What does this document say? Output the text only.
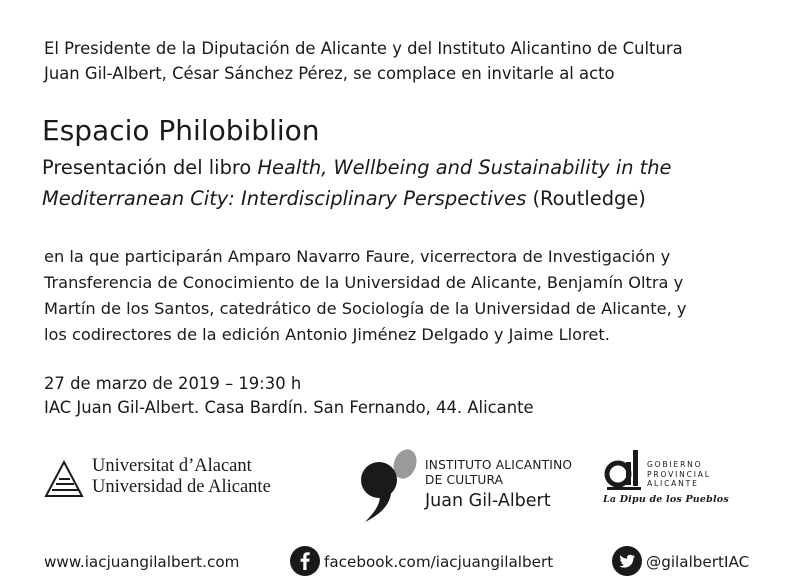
El Presidente de la Diputación de Alicante y del Instituto Alicantino de Cultura
Juan Gil-Albert, César Sánchez Pérez, se complace en invitarle al acto
Espacio Philobiblion
Presentación del libro Health, Wellbeing and Sustainability in the
Mediterranean City: Interdisciplinary Perspectives (Routledge)
en la que participarán Amparo Navarro Faure, vicerrectora de Investigación y
Transferencia de Conocimiento de la Universidad de Alicante, Benjamín Oltra y
Martín de los Santos, catedrático de Sociología de la Universidad de Alicante, y
los codirectores de la edición Antonio Jiménez Delgado y Jaime Lloret.
27 de marzo de 2019 – 19:30 h
IAC Juan Gil-Albert. Casa Bardín. San Fernando, 44. Alicante
Universitat d’Alacant
Universidad de Alicante
INSTITUTO ALICANTINO
DE CULTURA
Juan Gil-Albert
GOBIERNO
PROVINCIAL
ALICANTE
La Dipu de los Pueblos
www.iacjuangilalbert.com	facebook.com/iacjuangilalbert	@gilalbertIAC
